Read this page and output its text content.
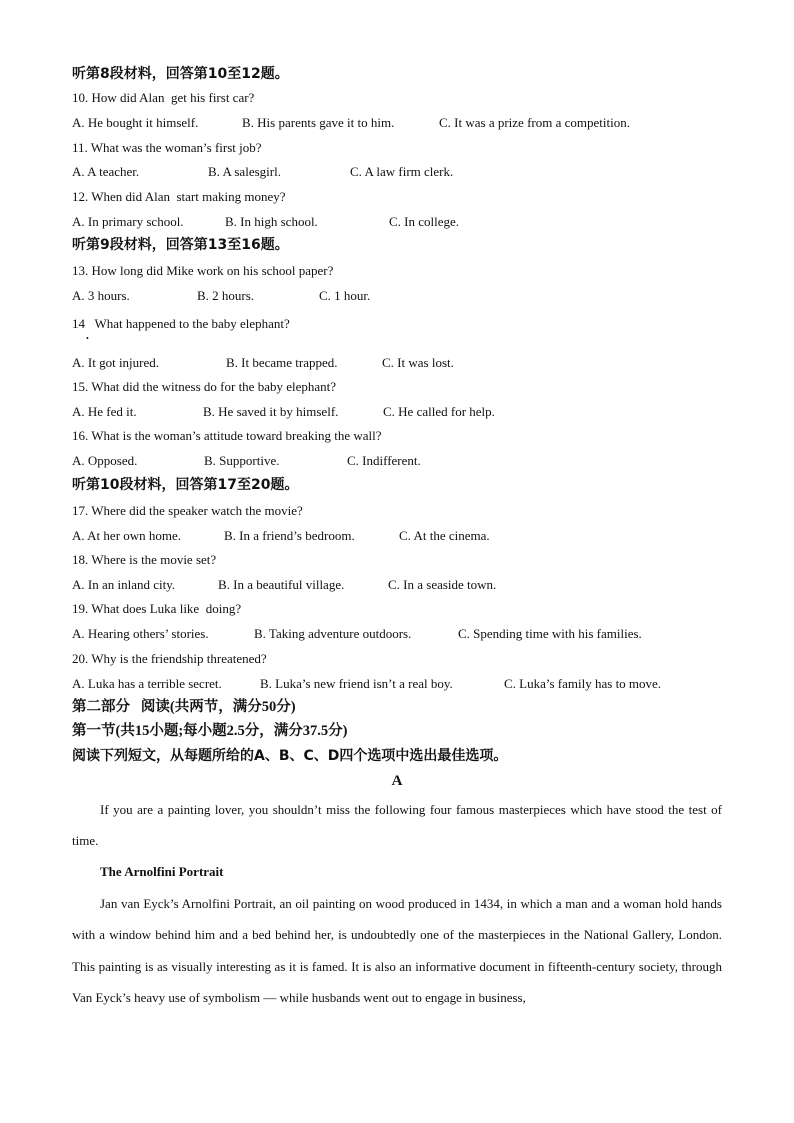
听第8段材料，回答第10至12题。
10. How did Alan  get his first car?
A. He bought it himself.	B. His parents gave it to him.	C. It was a prize from a competition.
11. What was the woman’s first job?
A. A teacher.	B. A salesgirl.	C. A law firm clerk.
12. When did Alan  start making money?
A. In primary school.	B. In high school.	C. In college.
听第9段材料，回答第13至16题。
13. How long did Mike work on his school paper?
A. 3 hours.	B. 2 hours.	C. 1 hour.
14   What happened to the baby elephant?
•
A. It got injured.	B. It became trapped.	C. It was lost.
15. What did the witness do for the baby elephant?
A. He fed it.	B. He saved it by himself.	C. He called for help.
16. What is the woman’s attitude toward breaking the wall?
A. Opposed.	B. Supportive.	C. Indifferent.
听第10段材料，回答第17至20题。
17. Where did the speaker watch the movie?
A. At her own home.	B. In a friend’s bedroom.	C. At the cinema.
18. Where is the movie set?
A. In an inland city.	B. In a beautiful village.	C. In a seaside town.
19. What does Luka like  doing?
A. Hearing others’ stories.	B. Taking adventure outdoors.	C. Spending time with his families.
20. Why is the friendship threatened?
A. Luka has a terrible secret.	B. Luka’s new friend isn’t a real boy.	C. Luka’s family has to move.
第二部分   阅读(共两节，满分50分)
第一节(共15小题;每小题2.5分，满分37.5分)
阅读下列短文，从每题所给的A、B、C、D四个选项中选出最佳选项。
A
If you are a painting lover, you shouldn’t miss the following four famous masterpieces which have stood the test of time.
The Arnolfini Portrait
Jan van Eyck’s Arnolfini Portrait, an oil painting on wood produced in 1434, in which a man and a woman hold hands with a window behind him and a bed behind her, is undoubtedly one of the masterpieces in the National Gallery, London. This painting is as visually interesting as it is famed. It is also an informative document in fifteenth-century society, through Van Eyck’s heavy use of symbolism — while husbands went out to engage in business,
